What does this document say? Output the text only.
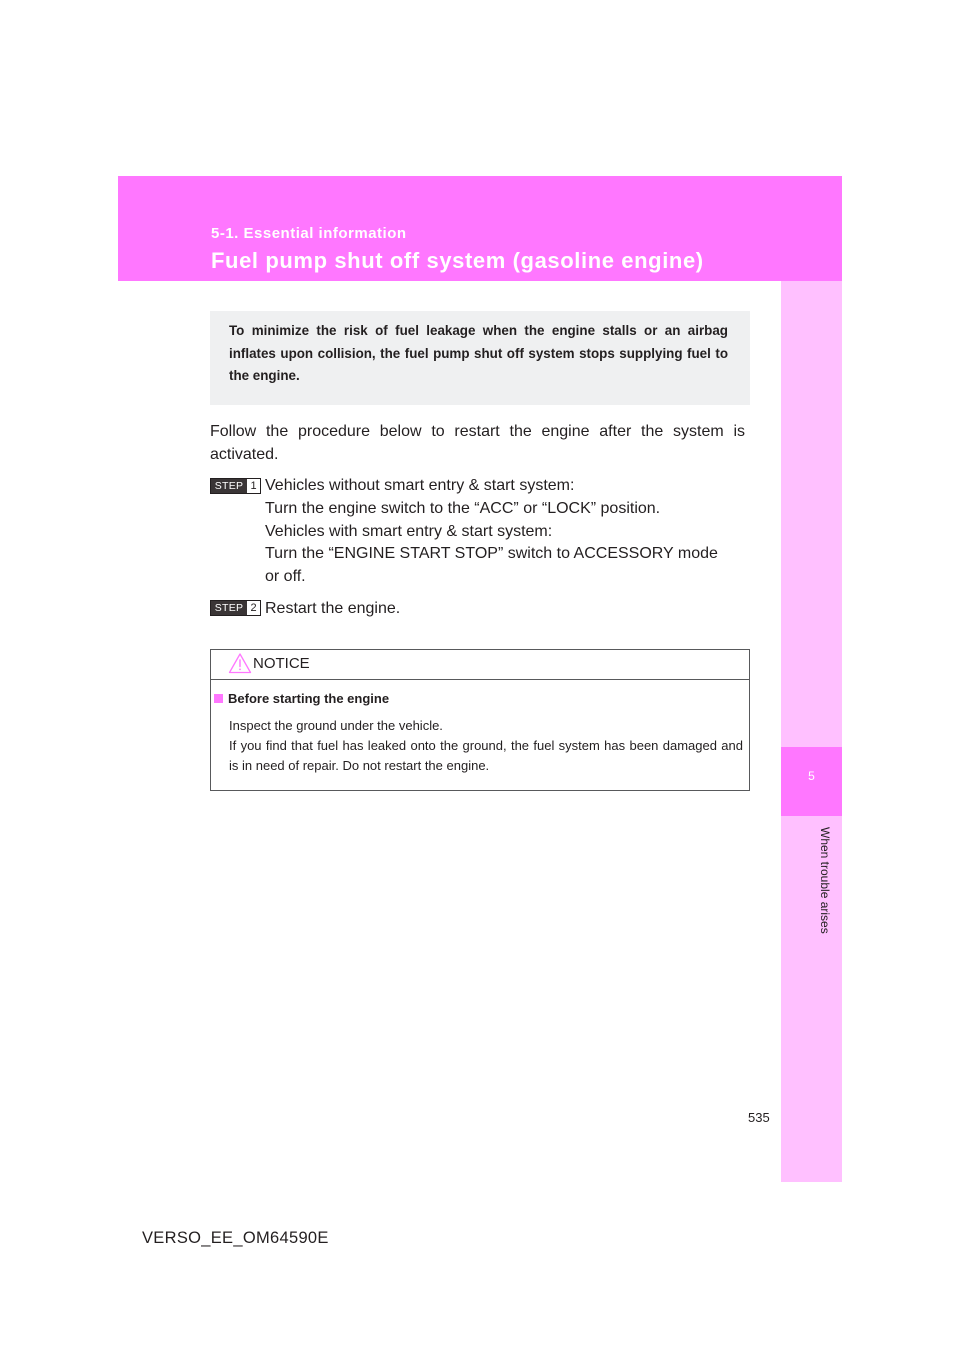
5-1. Essential information
Fuel pump shut off system (gasoline engine)
5
When trouble arises

To minimize the risk of fuel leakage when the engine stalls or an airbag inflates upon collision, the fuel pump shut off system stops supplying fuel to the engine.

Follow the procedure below to restart the engine after the system is activated.

STEP 1 Vehicles without smart entry & start system:

Turn the engine switch to the “ACC” or “LOCK” position.

Vehicles with smart entry & start system:

Turn the “ENGINE START STOP” switch to ACCESSORY mode

or off.

STEP 2 Restart the engine.

NOTICE
Before starting the engine

Inspect the ground under the vehicle.
If you find that fuel has leaked onto the ground, the fuel system has been damaged and is in need of repair. Do not restart the engine.

535
VERSO_EE_OM64590E
